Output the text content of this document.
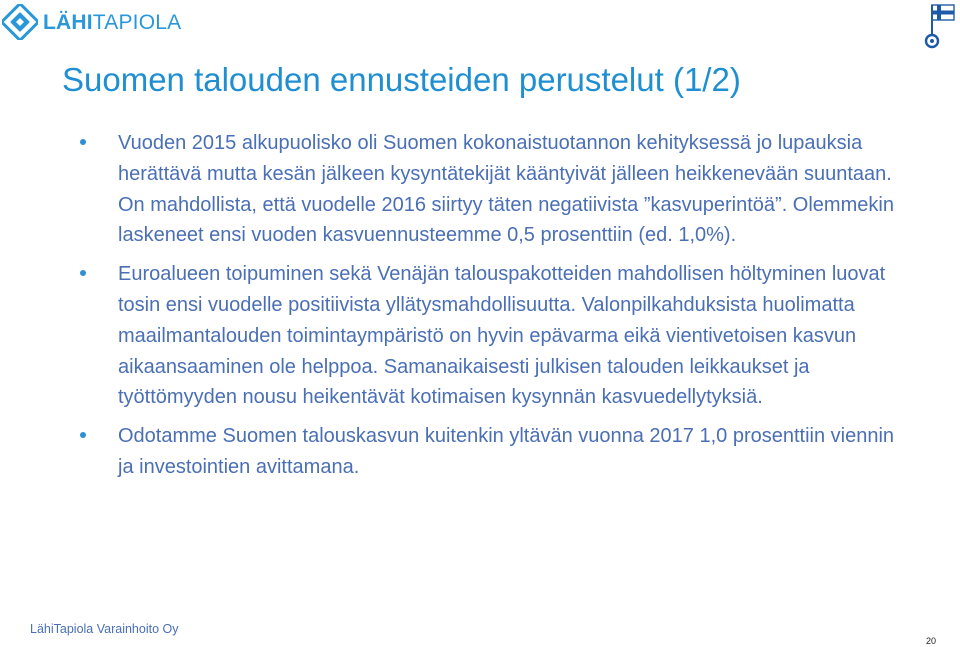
LÄHITAPIOLA
Suomen talouden ennusteiden perustelut (1/2)
Vuoden 2015 alkupuolisko oli Suomen kokonaistuotannon kehityksessä jo lupauksia herättävä mutta kesän jälkeen kysyntätekijät kääntyivät jälleen heikkenevään suuntaan. On mahdollista, että vuodelle 2016 siirtyy täten negatiivista ”kasvuperintöä”. Olemmekin laskeneet ensi vuoden kasvuennusteemme 0,5 prosenttiin (ed. 1,0%).
Euroalueen toipuminen sekä Venäjän talouspakotteiden mahdollisen höltyminen luovat tosin ensi vuodelle positiivista yllätysmahdollisuutta. Valonpilkahduksista huolimatta maailmantalouden toimintaympäristö on hyvin epävarma eikä vientivetoisen kasvun aikaansaaminen ole helppoa. Samanaikaisesti julkisen talouden leikkaukset ja työttömyyden nousu heikentävät kotimaisen kysynnän kasvuedellytyksiä.
Odotamme Suomen talouskasvun kuitenkin yltävän vuonna 2017 1,0 prosenttiin viennin ja investointien avittamana.
LähiTapiola Varainhoito Oy
20
